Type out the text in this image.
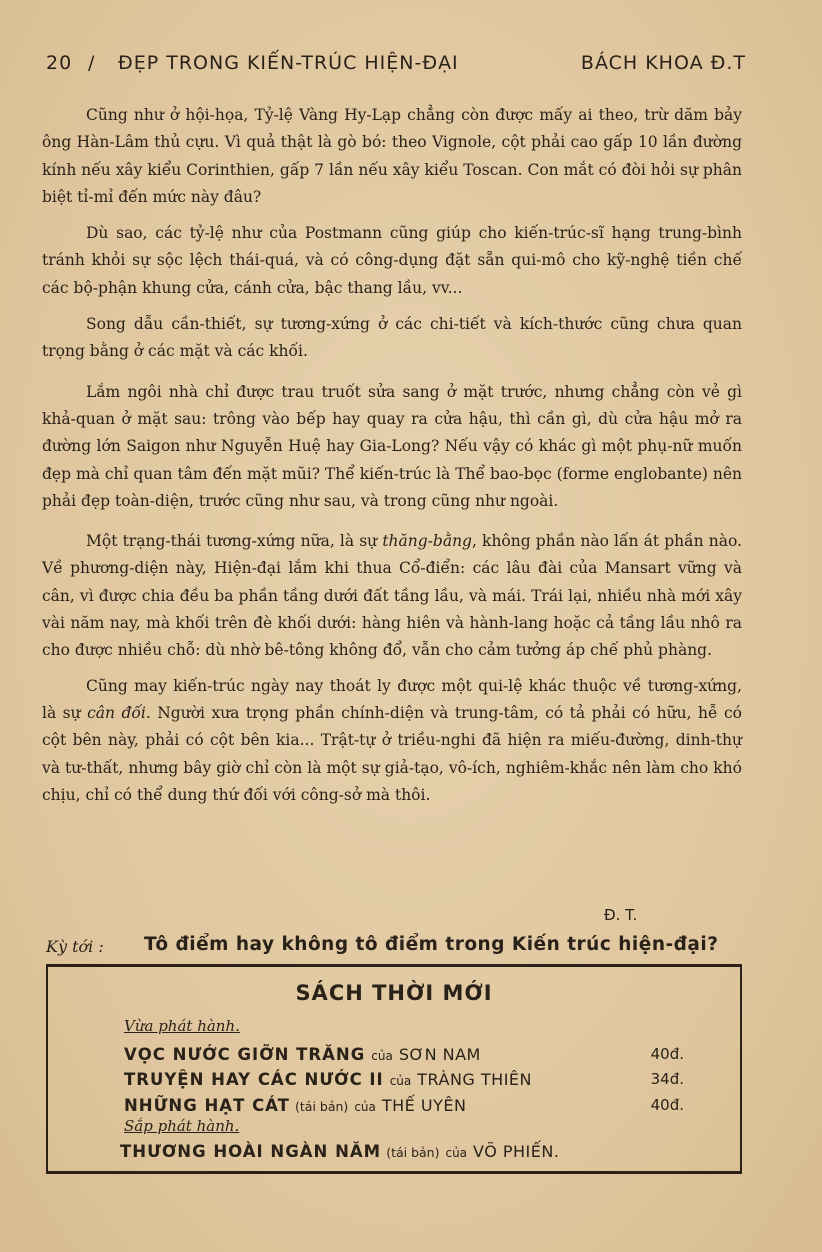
20 / ĐẸP TRONG KIẾN-TRÚC HIỆN-ĐẠI	BÁCH KHOA Đ.T

Cũng như ở hội-họa, Tỷ-lệ Vàng Hy-Lạp chẳng còn được mấy ai theo, trừ dăm bảy ông Hàn-Lâm thủ cựu. Vì quả thật là gò bó: theo Vignole, cột phải cao gấp 10 lần đường kính nếu xây kiểu Corinthien, gấp 7 lần nếu xây kiểu Toscan. Con mắt có đòi hỏi sự phân biệt tỉ-mỉ đến mức này đâu?

Dù sao, các tỷ-lệ như của Postmann cũng giúp cho kiến-trúc-sĩ hạng trung-bình tránh khỏi sự sộc lệch thái-quá, và có công-dụng đặt sẵn qui-mô cho kỹ-nghệ tiền chế các bộ-phận khung cửa, cánh cửa, bậc thang lầu, vv...

Song dẫu cần-thiết, sự tương-xứng ở các chi-tiết và kích-thước cũng chưa quan trọng bằng ở các mặt và các khối.

Lắm ngôi nhà chỉ được trau truốt sửa sang ở mặt trước, nhưng chẳng còn vẻ gì khả-quan ở mặt sau: trông vào bếp hay quay ra cửa hậu, thì cần gì, dù cửa hậu mở ra đường lớn Saigon như Nguyễn Huệ hay Gia-Long? Nếu vậy có khác gì một phụ-nữ muốn đẹp mà chỉ quan tâm đến mặt mũi? Thể kiến-trúc là Thể bao-bọc (forme englobante) nên phải đẹp toàn-diện, trước cũng như sau, và trong cũng như ngoài.

Một trạng-thái tương-xứng nữa, là sự thăng-bằng, không phần nào lấn át phần nào. Về phương-diện này, Hiện-đại lắm khi thua Cổ-điển: các lâu đài của Mansart vững và cân, vì được chia đều ba phần tầng dưới đất tầng lầu, và mái. Trái lại, nhiều nhà mới xây vài năm nay, mà khối trên đè khối dưới: hàng hiên và hành-lang hoặc cả tầng lầu nhô ra cho được nhiều chỗ: dù nhờ bê-tông không đổ, vẫn cho cảm tưởng áp chế phủ phàng.

Cũng may kiến-trúc ngày nay thoát ly được một qui-lệ khác thuộc về tương-xứng, là sự cân đối. Người xưa trọng phần chính-diện và trung-tâm, có tả phải có hữu, hễ có cột bên này, phải có cột bên kia... Trật-tự ở triều-nghi đã hiện ra miếu-đường, dinh-thự và tư-thất, nhưng bây giờ chỉ còn là một sự giả-tạo, vô-ích, nghiêm-khắc nên làm cho khó chịu, chỉ có thể dung thứ đối với công-sở mà thôi.

Đ. T.
Kỳ tới : Tô điểm hay không tô điểm trong Kiến trúc hiện-đại?
SÁCH THỜI MỚI
Vừa phát hành.
VỌC NƯỚC GIỠN TRĂNG của SƠN NAM	40đ.
TRUYỆN HAY CÁC NƯỚC II của TRÀNG THIÊN	34đ.
NHỮNG HẠT CÁT (tái bản) của THẾ UYÊN	40đ.
Sắp phát hành.
THƯƠNG HOÀI NGÀN NĂM (tái bản) của VÕ PHIẾN.
